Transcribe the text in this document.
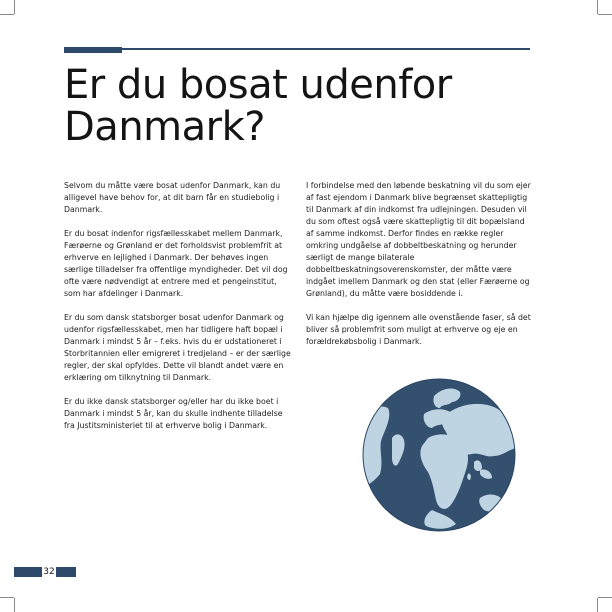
Er du bosat udenfor
Danmark?

Selvom du måtte være bosat udenfor Danmark, kan du alligevel have behov for, at dit barn får en studiebolig i Danmark.

Er du bosat indenfor rigsfællesskabet mellem Danmark, Færøerne og Grønland er det forholdsvist problemfrit at erhverve en lejlighed i Danmark. Der behøves ingen særlige tilladelser fra offentlige myndigheder. Det vil dog ofte være nødvendigt at entrere med et pengeinstitut, som har afdelinger i Danmark.

Er du som dansk statsborger bosat udenfor Danmark og udenfor rigsfællesskabet, men har tidligere haft bopæl i Danmark i mindst 5 år – f.eks. hvis du er udstationeret i Storbritannien eller emigreret i tredjeland – er der særlige regler, der skal opfyldes. Dette vil blandt andet være en erklæring om tilknytning til Danmark.

Er du ikke dansk statsborger og/eller har du ikke boet i Danmark i mindst 5 år, kan du skulle indhente tilladelse fra Justitsministeriet til at erhverve bolig i Danmark.

I forbindelse med den løbende beskatning vil du som ejer af fast ejendom i Danmark blive begrænset skattepligtig til Danmark af din indkomst fra udlejningen. Desuden vil du som oftest også være skattepligtig til dit bopælsland af samme indkomst. Derfor findes en række regler omkring undgåelse af dobbeltbeskatning og herunder særligt de mange bilaterale dobbeltbeskatningsoverenskomster, der måtte være indgået imellem Danmark og den stat (eller Færøerne og Grønland), du måtte være bosiddende i.

Vi kan hjælpe dig igennem alle ovenstående faser, så det bliver så problemfrit som muligt at erhverve og eje en forældrekøbsbolig i Danmark.

32
